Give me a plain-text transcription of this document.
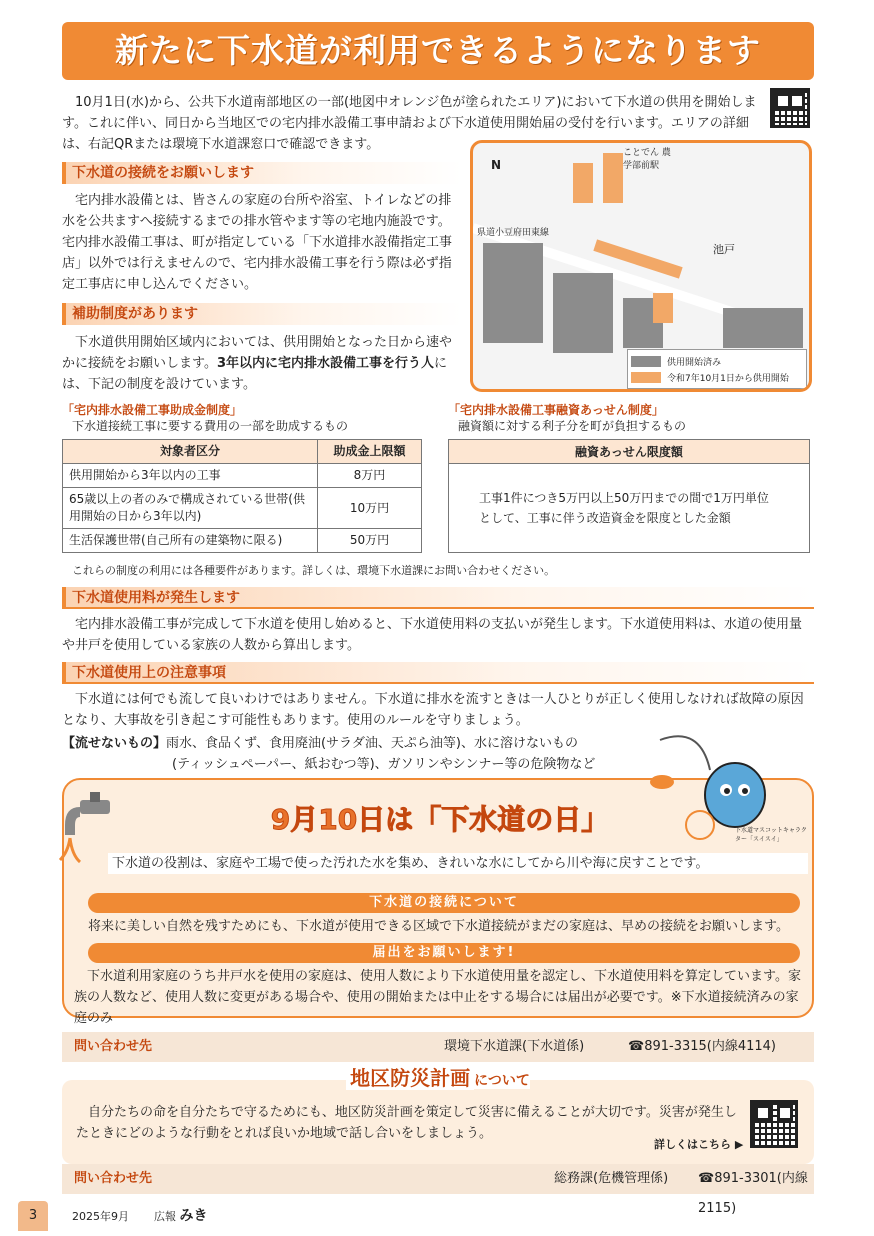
新たに下水道が利用できるようになります
10月1日(水)から、公共下水道南部地区の一部(地図中オレンジ色が塗られたエリア)において下水道の供用を開始します。これに伴い、同日から当地区での宅内排水設備工事申請および下水道使用開始届の受付を行います。エリアの詳細は、右記QRまたは環境下水道課窓口で確認できます。
下水道の接続をお願いします
宅内排水設備とは、皆さんの家庭の台所や浴室、トイレなどの排水を公共ますへ接続するまでの排水管やます等の宅地内施設です。宅内排水設備工事は、町が指定している「下水道排水設備指定工事店」以外では行えませんので、宅内排水設備工事を行う際は必ず指定工事店に申し込んでください。
補助制度があります
下水道供用開始区域内においては、供用開始となった日から速やかに接続をお願いします。3年以内に宅内排水設備工事を行う人には、下記の制度を設けています。
N
ことでん 農学部前駅
池戸
県道小豆府田東線
供用開始済み
令和7年10月1日から供用開始
「宅内排水設備工事助成金制度」
下水道接続工事に要する費用の一部を助成するもの
対象者区分	助成金上限額
供用開始から3年以内の工事	8万円
65歳以上の者のみで構成されている世帯(供用開始の日から3年以内)	10万円
生活保護世帯(自己所有の建築物に限る)	50万円
「宅内排水設備工事融資あっせん制度」
融資額に対する利子分を町が負担するもの
融資あっせん限度額
工事1件につき5万円以上50万円までの間で1万円単位として、工事に伴う改造資金を限度とした金額
これらの制度の利用には各種要件があります。詳しくは、環境下水道課にお問い合わせください。
下水道使用料が発生します
宅内排水設備工事が完成して下水道を使用し始めると、下水道使用料の支払いが発生します。下水道使用料は、水道の使用量や井戸を使用している家族の人数から算出します。
下水道使用上の注意事項
下水道には何でも流して良いわけではありません。下水道に排水を流すときは一人ひとりが正しく使用しなければ故障の原因となり、大事故を引き起こす可能性もあります。使用のルールを守りましょう。
【流せないもの】雨水、食品くず、食用廃油(サラダ油、天ぷら油等)、水に溶けないもの
(ティッシュペーパー、紙おむつ等)、ガソリンやシンナー等の危険物など
9月10日は「下水道の日」	下水道マスコットキャラクター「スイスイ」
下水道の役割は、家庭や工場で使った汚れた水を集め、きれいな水にしてから川や海に戻すことです。
下水道の接続について
将来に美しい自然を残すためにも、下水道が使用できる区域で下水道接続がまだの家庭は、早めの接続をお願いします。
届出をお願いします!
下水道利用家庭のうち井戸水を使用の家庭は、使用人数により下水道使用量を認定し、下水道使用料を算定しています。家族の人数など、使用人数に変更がある場合や、使用の開始または中止をする場合には届出が必要です。※下水道接続済みの家庭のみ
問い合わせ先	環境下水道課(下水道係)	☎891-3315(内線4114)
地区防災計画 について
自分たちの命を自分たちで守るためにも、地区防災計画を策定して災害に備えることが大切です。災害が発生したときにどのような行動をとれば良いか地域で話し合いをしましょう。
詳しくはこちら ▶
問い合わせ先	総務課(危機管理係) ☎891-3301(内線2115)
3	2025年9月 広報 みき
